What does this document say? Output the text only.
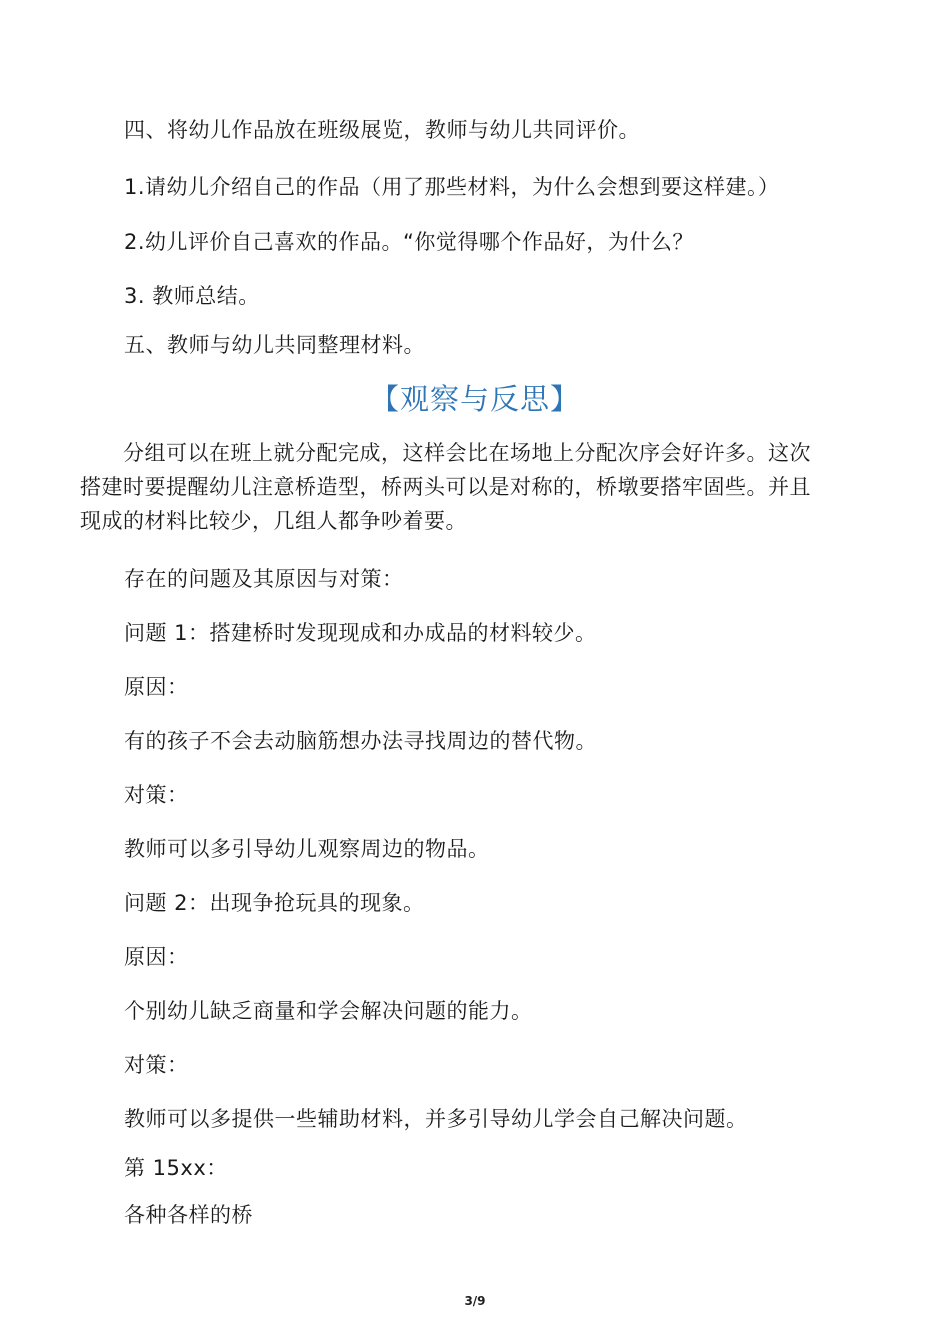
四、将幼儿作品放在班级展览，教师与幼儿共同评价。
1.请幼儿介绍自己的作品（用了那些材料，为什么会想到要这样建。）
2.幼儿评价自己喜欢的作品。“你觉得哪个作品好，为什么？
3. 教师总结。
五、教师与幼儿共同整理材料。
【观察与反思】
分组可以在班上就分配完成，这样会比在场地上分配次序会好许多。这次
搭建时要提醒幼儿注意桥造型，桥两头可以是对称的，桥墩要搭牢固些。并且
现成的材料比较少，几组人都争吵着要。
存在的问题及其原因与对策：
问题 1：搭建桥时发现现成和办成品的材料较少。
原因：
有的孩子不会去动脑筋想办法寻找周边的替代物。
对策：
教师可以多引导幼儿观察周边的物品。
问题 2：出现争抢玩具的现象。
原因：
个别幼儿缺乏商量和学会解决问题的能力。
对策：
教师可以多提供一些辅助材料，并多引导幼儿学会自己解决问题。
第 15xx：
各种各样的桥
3/9
